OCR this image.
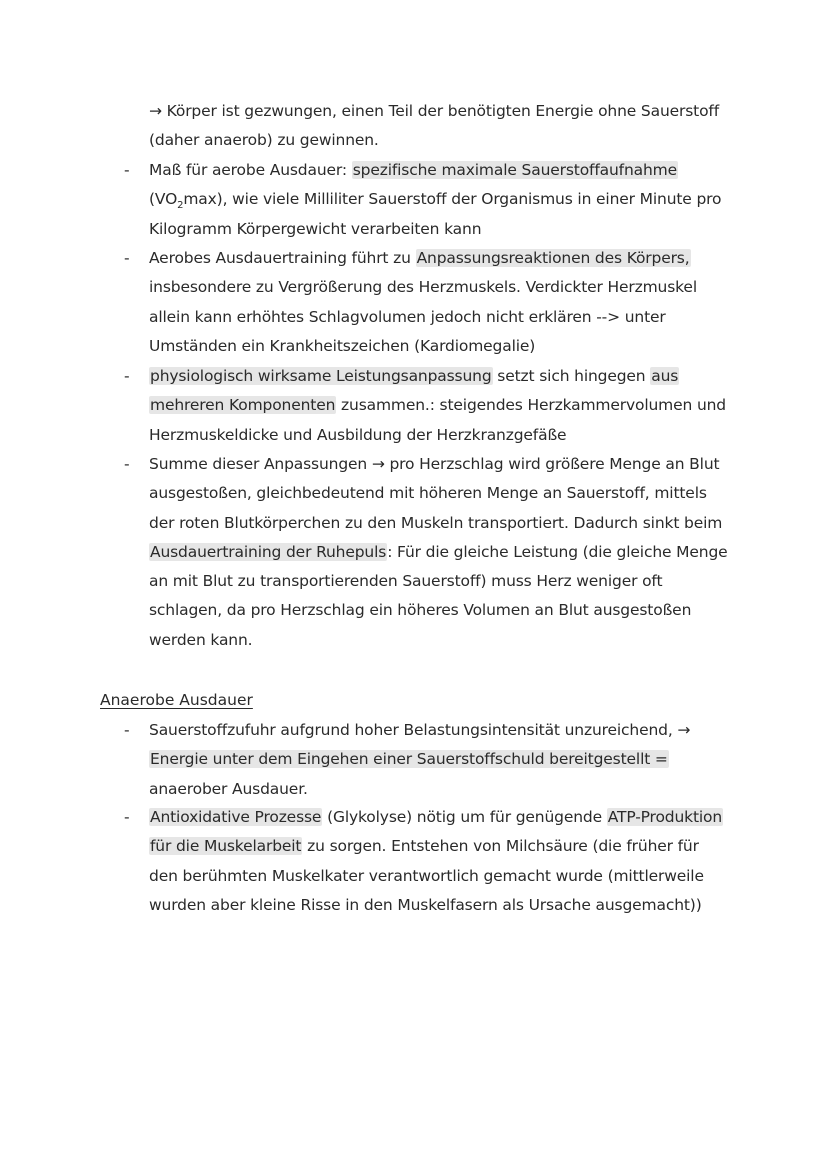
→ Körper ist gezwungen, einen Teil der benötigten Energie ohne Sauerstoff
(daher anaerob) zu gewinnen.
- Maß für aerobe Ausdauer: spezifische maximale Sauerstoffaufnahme
$(VO_2\max)$, wie viele Milliliter Sauerstoff der Organismus in einer Minute pro
Kilogramm Körpergewicht verarbeiten kann
- Aerobes Ausdauertraining führt zu Anpassungsreaktionen des Körpers,
insbesondere zu Vergrößerung des Herzmuskels. Verdickter Herzmuskel
allein kann erhöhtes Schlagvolumen jedoch nicht erklären --> unter
Umständen ein Krankheitszeichen (Kardiomegalie)
- physiologisch wirksame Leistungsanpassung setzt sich hingegen aus
mehreren Komponenten zusammen.: steigendes Herzkammervolumen und
Herzmuskeldicke und Ausbildung der Herzkranzgefäße
- Summe dieser Anpassungen → pro Herzschlag wird größere Menge an Blut
ausgestoßen, gleichbedeutend mit höheren Menge an Sauerstoff, mittels
der roten Blutkörperchen zu den Muskeln transportiert. Dadurch sinkt beim
Ausdauertraining der Ruhepuls: Für die gleiche Leistung (die gleiche Menge
an mit Blut zu transportierenden Sauerstoff) muss Herz weniger oft
schlagen, da pro Herzschlag ein höheres Volumen an Blut ausgestoßen
werden kann.
Anaerobe Ausdauer
- Sauerstoffzufuhr aufgrund hoher Belastungsintensität unzureichend, →
Energie unter dem Eingehen einer Sauerstoffschuld bereitgestellt =
anaerober Ausdauer.
- Antioxidative Prozesse (Glykolyse) nötig um für genügende ATP-Produktion
für die Muskelarbeit zu sorgen. Entstehen von Milchsäure (die früher für
den berühmten Muskelkater verantwortlich gemacht wurde (mittlerweile
wurden aber kleine Risse in den Muskelfasern als Ursache ausgemacht))
